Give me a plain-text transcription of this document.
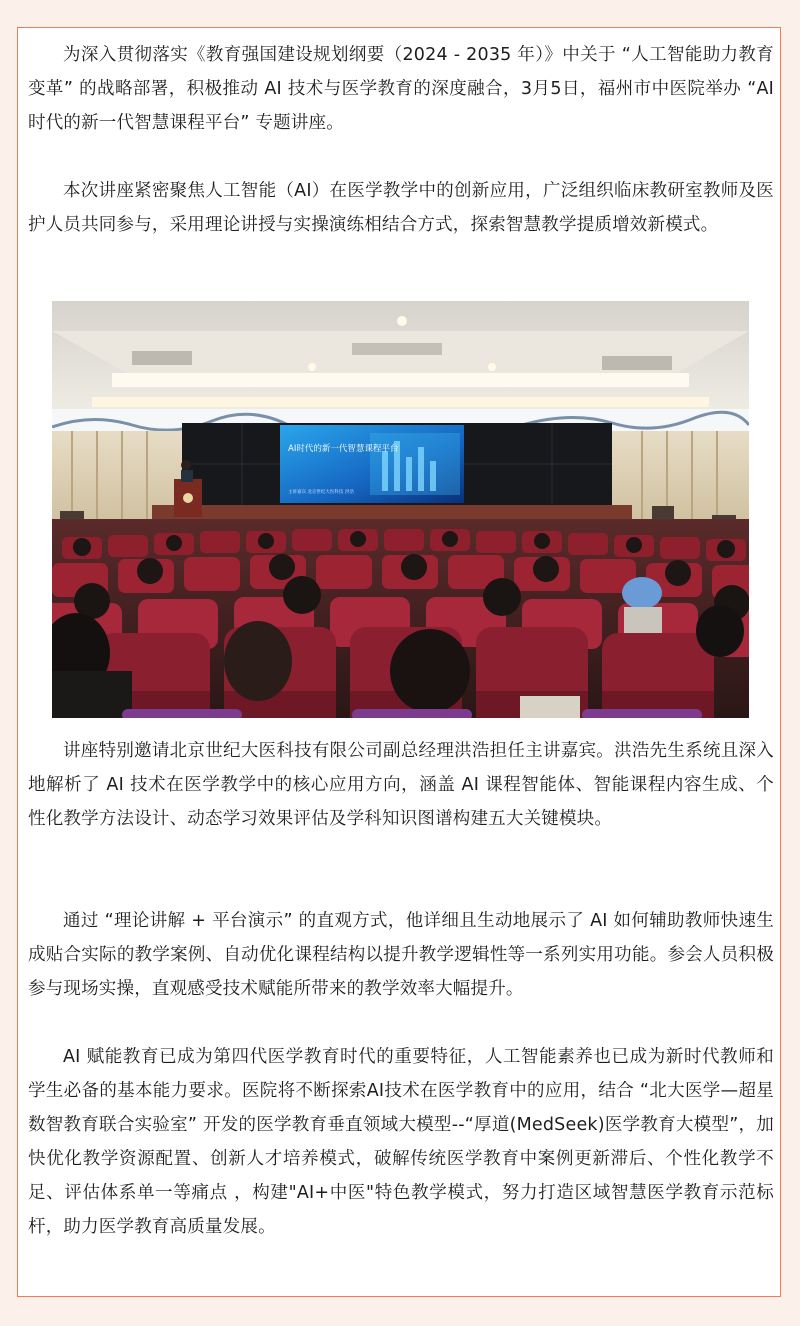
为深入贯彻落实《教育强国建设规划纲要（2024 - 2035 年）》中关于 “人工智能助力教育变革” 的战略部署，积极推动 AI 技术与医学教育的深度融合，3月5日，福州市中医院举办 “AI 时代的新一代智慧课程平台” 专题讲座。

本次讲座紧密聚焦人工智能（AI）在医学教学中的创新应用，广泛组织临床教研室教师及医护人员共同参与，采用理论讲授与实操演练相结合方式，探索智慧教学提质增效新模式。

AI时代的新一代智慧课程平台
主讲嘉宾 北京世纪大医科技 洪浩

讲座特别邀请北京世纪大医科技有限公司副总经理洪浩担任主讲嘉宾。洪浩先生系统且深入地解析了 AI 技术在医学教学中的核心应用方向，涵盖 AI 课程智能体、智能课程内容生成、个性化教学方法设计、动态学习效果评估及学科知识图谱构建五大关键模块。

通过 “理论讲解 + 平台演示” 的直观方式，他详细且生动地展示了 AI 如何辅助教师快速生成贴合实际的教学案例、自动优化课程结构以提升教学逻辑性等一系列实用功能。参会人员积极参与现场实操，直观感受技术赋能所带来的教学效率大幅提升。

AI 赋能教育已成为第四代医学教育时代的重要特征，人工智能素养也已成为新时代教师和学生必备的基本能力要求。医院将不断探索AI技术在医学教育中的应用，结合 “北大医学—超星数智教育联合实验室” 开发的医学教育垂直领域大模型--“厚道(MedSeek)医学教育大模型”，加快优化教学资源配置、创新人才培养模式，破解传统医学教育中案例更新滞后、个性化教学不足、评估体系单一等痛点 ，构建"AI+中医"特色教学模式，努力打造区域智慧医学教育示范标杆，助力医学教育高质量发展。
